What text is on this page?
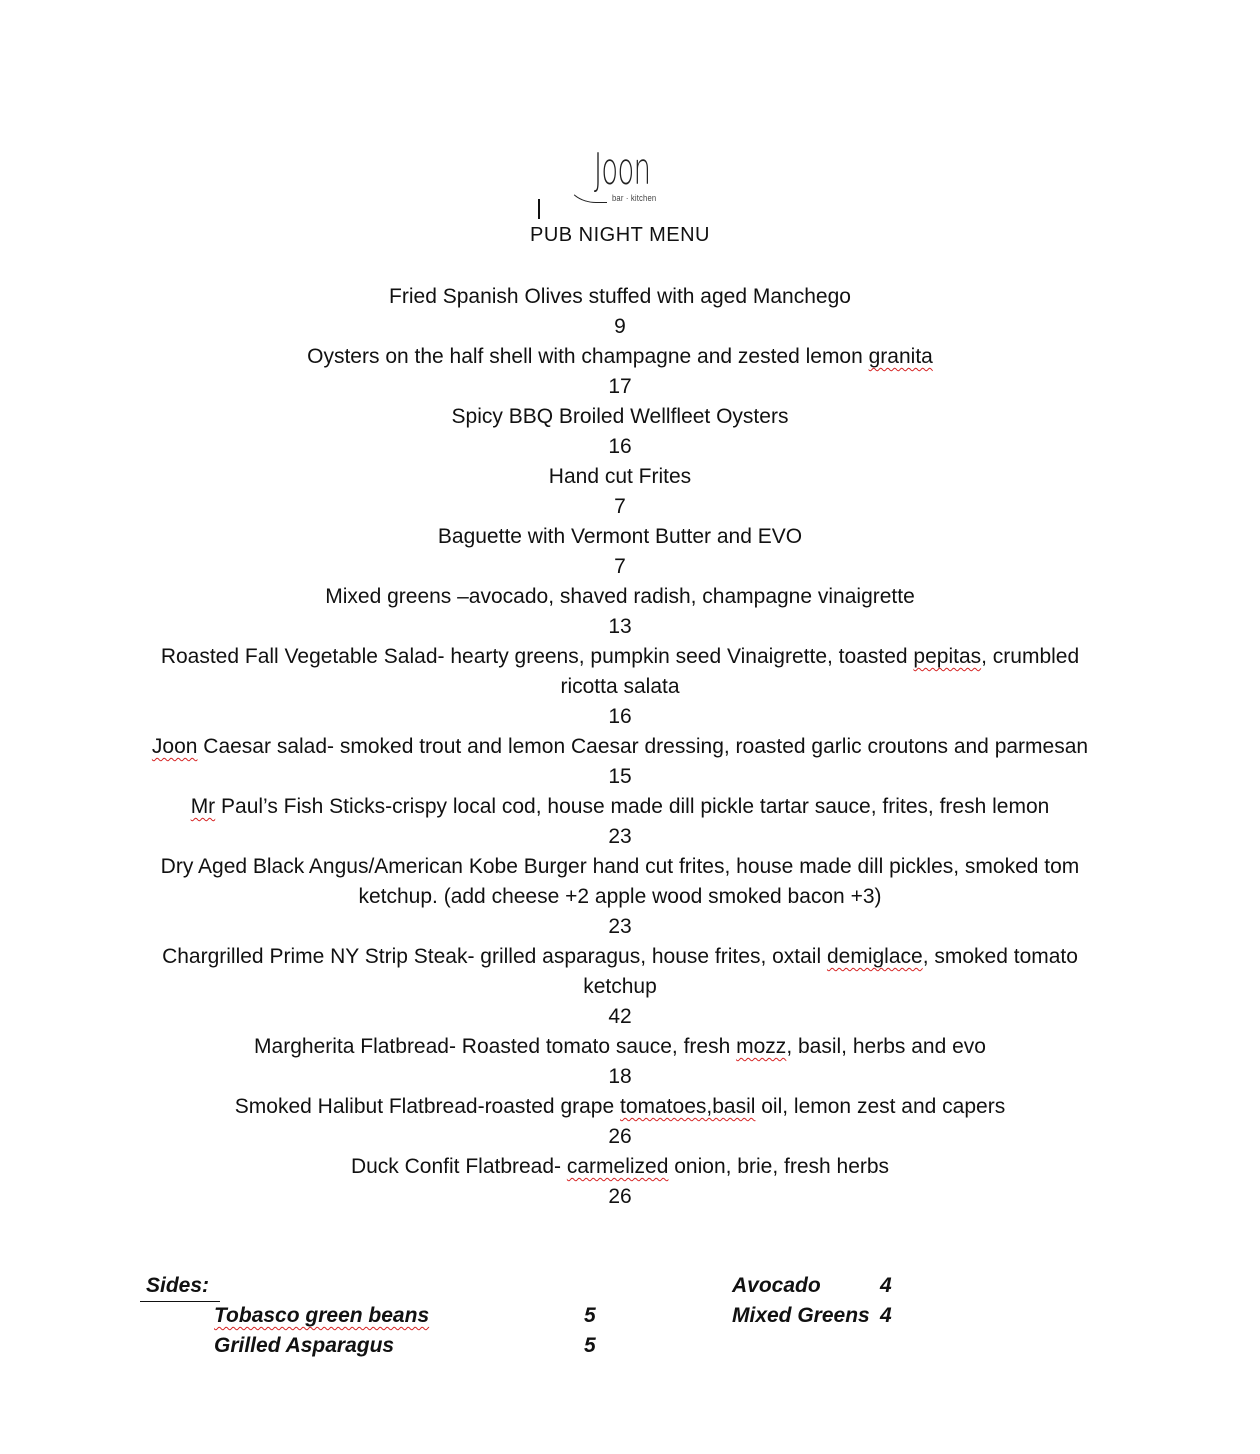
Joon
bar · kitchen
PUB NIGHT MENU
Fried Spanish Olives stuffed with aged Manchego
9
Oysters on the half shell with champagne and zested lemon granita
17
Spicy BBQ Broiled Wellfleet Oysters
16
Hand cut Frites
7
Baguette with Vermont Butter and EVO
7
Mixed greens –avocado, shaved radish, champagne vinaigrette
13
Roasted Fall Vegetable Salad- hearty greens, pumpkin seed Vinaigrette, toasted pepitas, crumbled ricotta salata
16
Joon Caesar salad- smoked trout and lemon Caesar dressing, roasted garlic croutons and parmesan
15
Mr Paul’s Fish Sticks-crispy local cod, house made dill pickle tartar sauce, frites, fresh lemon
23
Dry Aged Black Angus/American Kobe Burger hand cut frites, house made dill pickles, smoked tom ketchup. (add cheese +2 apple wood smoked bacon +3)
23
Chargrilled Prime NY Strip Steak- grilled asparagus, house frites, oxtail demiglace, smoked tomato ketchup
42
Margherita Flatbread- Roasted tomato sauce, fresh mozz, basil, herbs and evo
18
Smoked Halibut Flatbread-roasted grape tomatoes,basil oil, lemon zest and capers
26
Duck Confit Flatbread- carmelized onion, brie, fresh herbs
26
Sides:
Tobasco green beans	5
Grilled Asparagus	5
Avocado	4
Mixed Greens 4
